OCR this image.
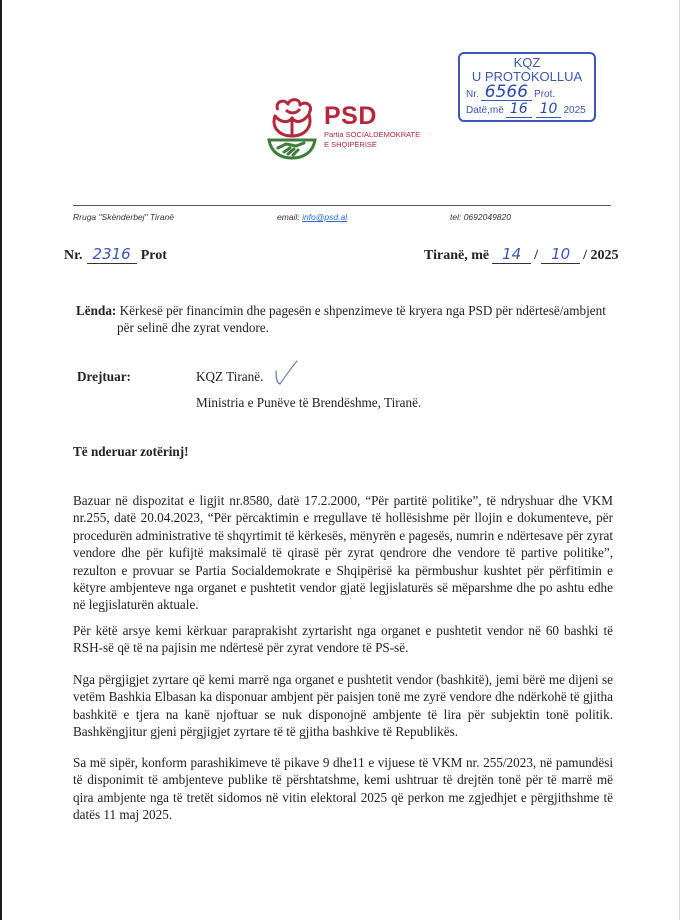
KQZ
U PROTOKOLLUA
Nr. 6566 Prot.
Datë,më 16 10 2025
PSD
Partia SOCIALDEMOKRATE
E SHQIPËRISË
Rruga "Skënderbej" Tiranë	email: info@psd.al	tel: 0692049820
Nr. 2316 Prot	Tiranë, më 14 / 10 / 2025
Lënda: Kërkesë për financimin dhe pagesën e shpenzimeve të kryera nga PSD për ndërtesë/ambjent
për selinë dhe zyrat vendore.
Drejtuar:	KQZ Tiranë.
Ministria e Punëve të Brendëshme, Tiranë.
Të nderuar zotërinj!
Bazuar në dispozitat e ligjit nr.8580, datë 17.2.2000, “Për partitë politike”, të ndryshuar dhe VKM nr.255, datë 20.04.2023, “Për përcaktimin e rregullave të hollësishme për llojin e dokumenteve, për procedurën administrative të shqyrtimit të kërkesës, mënyrën e pagesës, numrin e ndërtesave për zyrat vendore dhe për kufijtë maksimalë të qirasë për zyrat qendrore dhe vendore të partive politike”, rezulton e provuar se Partia Socialdemokrate e Shqipërisë ka përmbushur kushtet për përfitimin e këtyre ambjenteve nga organet e pushtetit vendor gjatë legjislaturës së mëparshme dhe po ashtu edhe në legjislaturën aktuale.
Për këtë arsye kemi kërkuar paraprakisht zyrtarisht nga organet e pushtetit vendor në 60 bashki të RSH-së që të na pajisin me ndërtesë për zyrat vendore të PS-së.
Nga përgjigjet zyrtare që kemi marrë nga organet e pushtetit vendor (bashkitë), jemi bërë me dijeni se vetëm Bashkia Elbasan ka disponuar ambjent për paisjen tonë me zyrë vendore dhe ndërkohë të gjitha bashkitë e tjera na kanë njoftuar se nuk disponojnë ambjente të lira për subjektin tonë politik. Bashkëngjitur gjeni përgjigjet zyrtare të të gjitha bashkive të Republikës.
Sa më sipër, konform parashikimeve të pikave 9 dhe11 e vijuese të VKM nr. 255/2023, në pamundësi të disponimit të ambjenteve publike të përshtatshme, kemi ushtruar të drejtën tonë për të marrë më qira ambjente nga të tretët sidomos në vitin elektoral 2025 që perkon me zgjedhjet e përgjithshme të datës 11 maj 2025.
